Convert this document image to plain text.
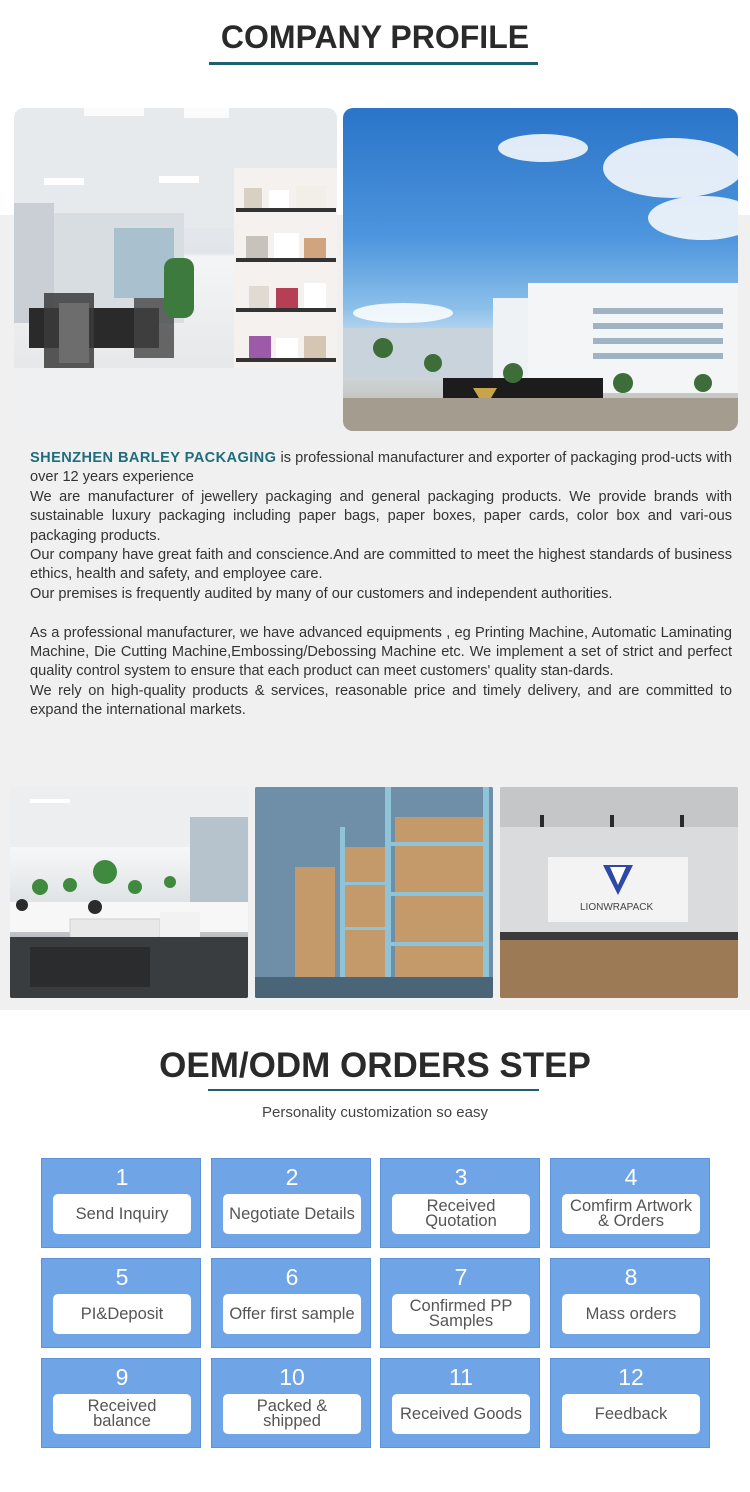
COMPANY PROFILE

SHENZHEN BARLEY PACKAGING is professional manufacturer and exporter of packaging prod-ucts with over 12 years experience

We are manufacturer of jewellery packaging and general packaging products. We provide brands with sustainable luxury packaging including paper bags, paper boxes, paper cards, color box and vari-ous packaging products.

Our company have great faith and conscience.And are committed to meet the highest standards of business ethics, health and safety, and employee care.

Our premises is frequently audited by many of our customers and independent authorities.

As a professional manufacturer, we have advanced equipments , eg Printing Machine, Automatic Laminating Machine, Die Cutting Machine,Embossing/Debossing Machine etc. We implement a set of strict and perfect quality control system to ensure that each product can meet customers' quality stan-dards.

We rely on high-quality products & services, reasonable price and timely delivery, and are committed to expand the international markets.

LIONWRAPACK
OEM/ODM ORDERS STEP
Personality customization so easy
1
Send Inquiry
2
Negotiate Details
3
Received Quotation
4
Comfirm Artwork & Orders
5
PI&Deposit
6
Offer first sample
7
Confirmed PP Samples
8
Mass orders
9
Received balance
10
Packed & shipped
11
Received Goods
12
Feedback
